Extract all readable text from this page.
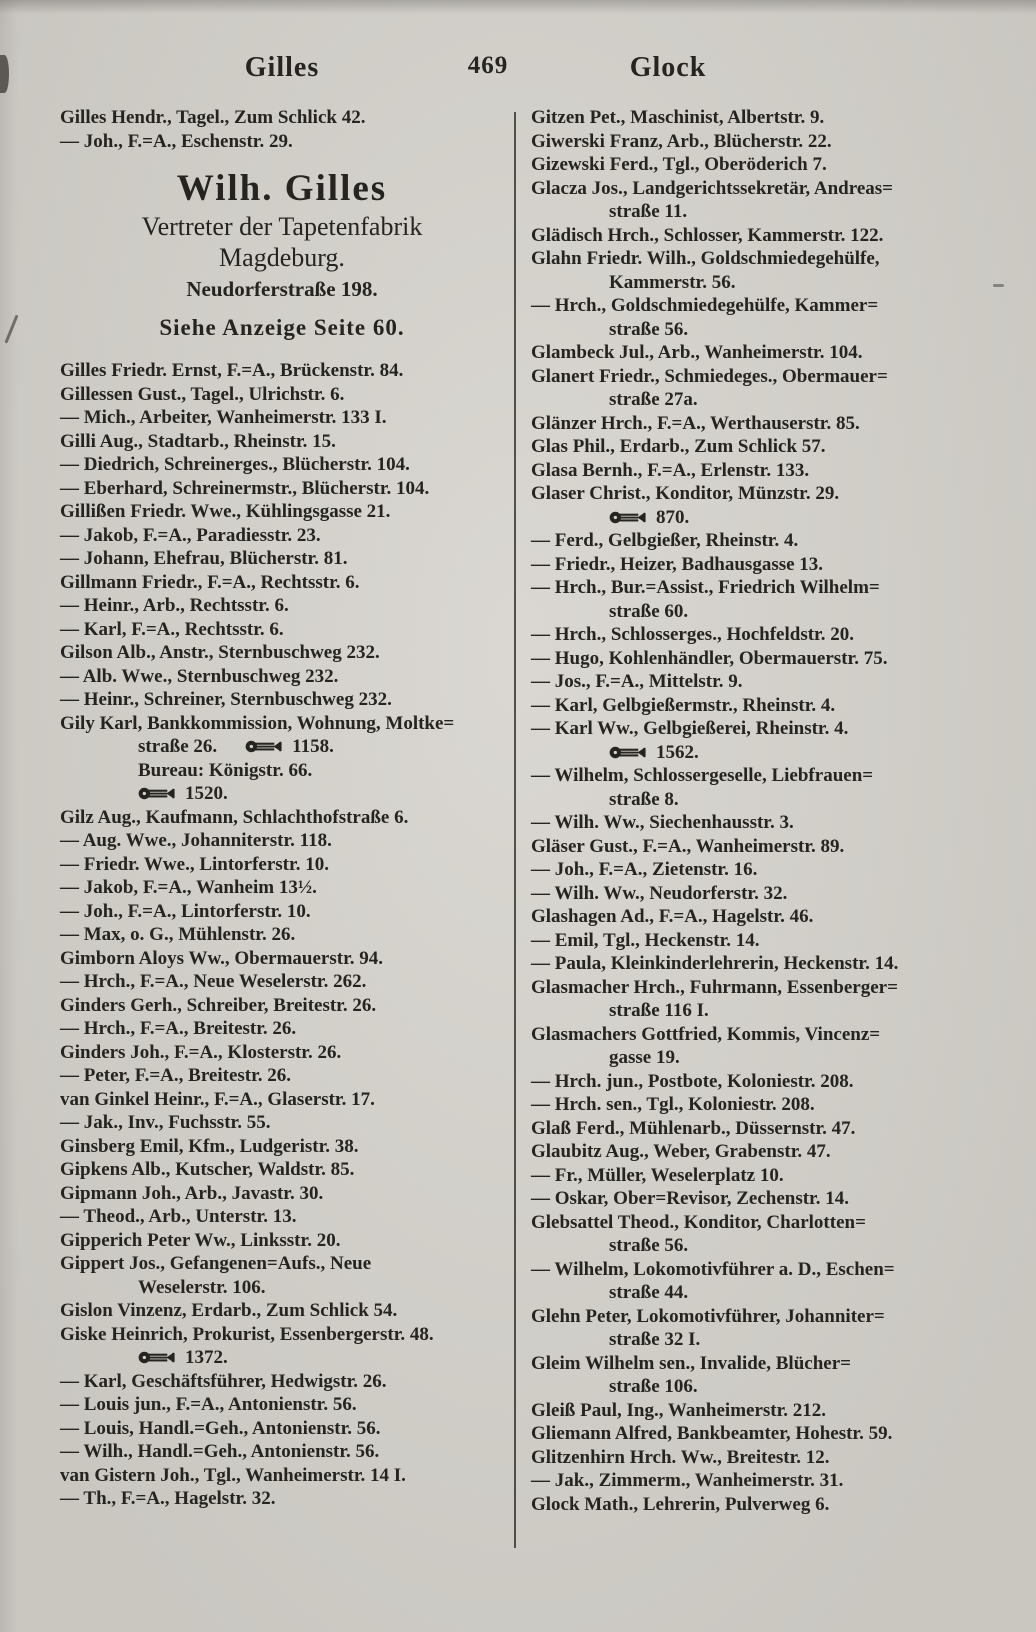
Gilles	469	Glock
Gilles Hendr., Tagel., Zum Schlick 42.
— Joh., F.=A., Eschenstr. 29.
Wilh. Gilles
Vertreter der Tapetenfabrik
Magdeburg.
Neudorferstraße 198.
Siehe Anzeige Seite 60.
Gilles Friedr. Ernst, F.=A., Brückenstr. 84.
Gillessen Gust., Tagel., Ulrichstr. 6.
— Mich., Arbeiter, Wanheimerstr. 133 I.
Gilli Aug., Stadtarb., Rheinstr. 15.
— Diedrich, Schreinerges., Blücherstr. 104.
— Eberhard, Schreinermstr., Blücherstr. 104.
Gillißen Friedr. Wwe., Kühlingsgasse 21.
— Jakob, F.=A., Paradiesstr. 23.
— Johann, Ehefrau, Blücherstr. 81.
Gillmann Friedr., F.=A., Rechtsstr. 6.
— Heinr., Arb., Rechtsstr. 6.
— Karl, F.=A., Rechtsstr. 6.
Gilson Alb., Anstr., Sternbuschweg 232.
— Alb. Wwe., Sternbuschweg 232.
— Heinr., Schreiner, Sternbuschweg 232.
Gily Karl, Bankkommission, Wohnung, Moltke=
straße 26.	1158.
Bureau: Königstr. 66.
1520.
Gilz Aug., Kaufmann, Schlachthofstraße 6.
— Aug. Wwe., Johanniterstr. 118.
— Friedr. Wwe., Lintorferstr. 10.
— Jakob, F.=A., Wanheim 13½.
— Joh., F.=A., Lintorferstr. 10.
— Max, o. G., Mühlenstr. 26.
Gimborn Aloys Ww., Obermauerstr. 94.
— Hrch., F.=A., Neue Weselerstr. 262.
Ginders Gerh., Schreiber, Breitestr. 26.
— Hrch., F.=A., Breitestr. 26.
Ginders Joh., F.=A., Klosterstr. 26.
— Peter, F.=A., Breitestr. 26.
van Ginkel Heinr., F.=A., Glaserstr. 17.
— Jak., Inv., Fuchsstr. 55.
Ginsberg Emil, Kfm., Ludgeristr. 38.
Gipkens Alb., Kutscher, Waldstr. 85.
Gipmann Joh., Arb., Javastr. 30.
— Theod., Arb., Unterstr. 13.
Gipperich Peter Ww., Linksstr. 20.
Gippert Jos., Gefangenen=Aufs., Neue
Weselerstr. 106.
Gislon Vinzenz, Erdarb., Zum Schlick 54.
Giske Heinrich, Prokurist, Essenbergerstr. 48.
1372.
— Karl, Geschäftsführer, Hedwigstr. 26.
— Louis jun., F.=A., Antonienstr. 56.
— Louis, Handl.=Geh., Antonienstr. 56.
— Wilh., Handl.=Geh., Antonienstr. 56.
van Gistern Joh., Tgl., Wanheimerstr. 14 I.
— Th., F.=A., Hagelstr. 32.
Gitzen Pet., Maschinist, Albertstr. 9.
Giwerski Franz, Arb., Blücherstr. 22.
Gizewski Ferd., Tgl., Oberöderich 7.
Glacza Jos., Landgerichtssekretär, Andreas=
straße 11.
Glädisch Hrch., Schlosser, Kammerstr. 122.
Glahn Friedr. Wilh., Goldschmiedegehülfe,
Kammerstr. 56.
— Hrch., Goldschmiedegehülfe, Kammer=
straße 56.
Glambeck Jul., Arb., Wanheimerstr. 104.
Glanert Friedr., Schmiedeges., Obermauer=
straße 27a.
Glänzer Hrch., F.=A., Werthauserstr. 85.
Glas Phil., Erdarb., Zum Schlick 57.
Glasa Bernh., F.=A., Erlenstr. 133.
Glaser Christ., Konditor, Münzstr. 29.
870.
— Ferd., Gelbgießer, Rheinstr. 4.
— Friedr., Heizer, Badhausgasse 13.
— Hrch., Bur.=Assist., Friedrich Wilhelm=
straße 60.
— Hrch., Schlosserges., Hochfeldstr. 20.
— Hugo, Kohlenhändler, Obermauerstr. 75.
— Jos., F.=A., Mittelstr. 9.
— Karl, Gelbgießermstr., Rheinstr. 4.
— Karl Ww., Gelbgießerei, Rheinstr. 4.
1562.
— Wilhelm, Schlossergeselle, Liebfrauen=
straße 8.
— Wilh. Ww., Siechenhausstr. 3.
Gläser Gust., F.=A., Wanheimerstr. 89.
— Joh., F.=A., Zietenstr. 16.
— Wilh. Ww., Neudorferstr. 32.
Glashagen Ad., F.=A., Hagelstr. 46.
— Emil, Tgl., Heckenstr. 14.
— Paula, Kleinkinderlehrerin, Heckenstr. 14.
Glasmacher Hrch., Fuhrmann, Essenberger=
straße 116 I.
Glasmachers Gottfried, Kommis, Vincenz=
gasse 19.
— Hrch. jun., Postbote, Koloniestr. 208.
— Hrch. sen., Tgl., Koloniestr. 208.
Glaß Ferd., Mühlenarb., Düssernstr. 47.
Glaubitz Aug., Weber, Grabenstr. 47.
— Fr., Müller, Weselerplatz 10.
— Oskar, Ober=Revisor, Zechenstr. 14.
Glebsattel Theod., Konditor, Charlotten=
straße 56.
— Wilhelm, Lokomotivführer a. D., Eschen=
straße 44.
Glehn Peter, Lokomotivführer, Johanniter=
straße 32 I.
Gleim Wilhelm sen., Invalide, Blücher=
straße 106.
Gleiß Paul, Ing., Wanheimerstr. 212.
Gliemann Alfred, Bankbeamter, Hohestr. 59.
Glitzenhirn Hrch. Ww., Breitestr. 12.
— Jak., Zimmerm., Wanheimerstr. 31.
Glock Math., Lehrerin, Pulverweg 6.
